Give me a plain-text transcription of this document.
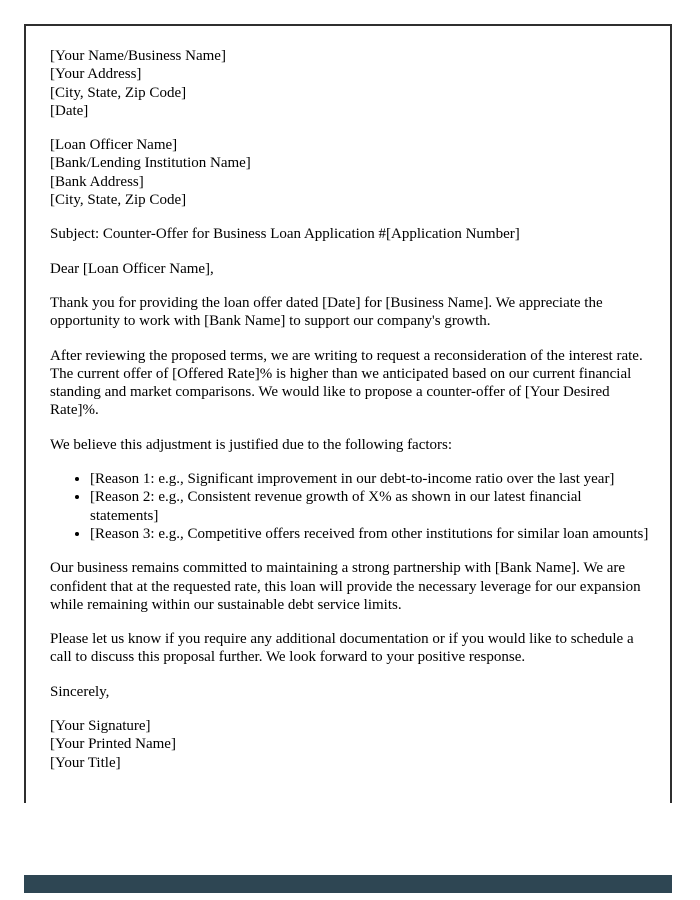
[Your Name/Business Name]
[Your Address]
[City, State, Zip Code]
[Date]

[Loan Officer Name]
[Bank/Lending Institution Name]
[Bank Address]
[City, State, Zip Code]

Subject: Counter-Offer for Business Loan Application #[Application Number]

Dear [Loan Officer Name],

Thank you for providing the loan offer dated [Date] for [Business Name]. We appreciate the opportunity to work with [Bank Name] to support our company's growth.

After reviewing the proposed terms, we are writing to request a reconsideration of the interest rate. The current offer of [Offered Rate]% is higher than we anticipated based on our current financial standing and market comparisons. We would like to propose a counter-offer of [Your Desired Rate]%.

We believe this adjustment is justified due to the following factors:

• [Reason 1: e.g., Significant improvement in our debt-to-income ratio over the last year]
• [Reason 2: e.g., Consistent revenue growth of X% as shown in our latest financial statements]
• [Reason 3: e.g., Competitive offers received from other institutions for similar loan amounts]

Our business remains committed to maintaining a strong partnership with [Bank Name]. We are confident that at the requested rate, this loan will provide the necessary leverage for our expansion while remaining within our sustainable debt service limits.

Please let us know if you require any additional documentation or if you would like to schedule a call to discuss this proposal further. We look forward to your positive response.

Sincerely,

[Your Signature]
[Your Printed Name]
[Your Title]
